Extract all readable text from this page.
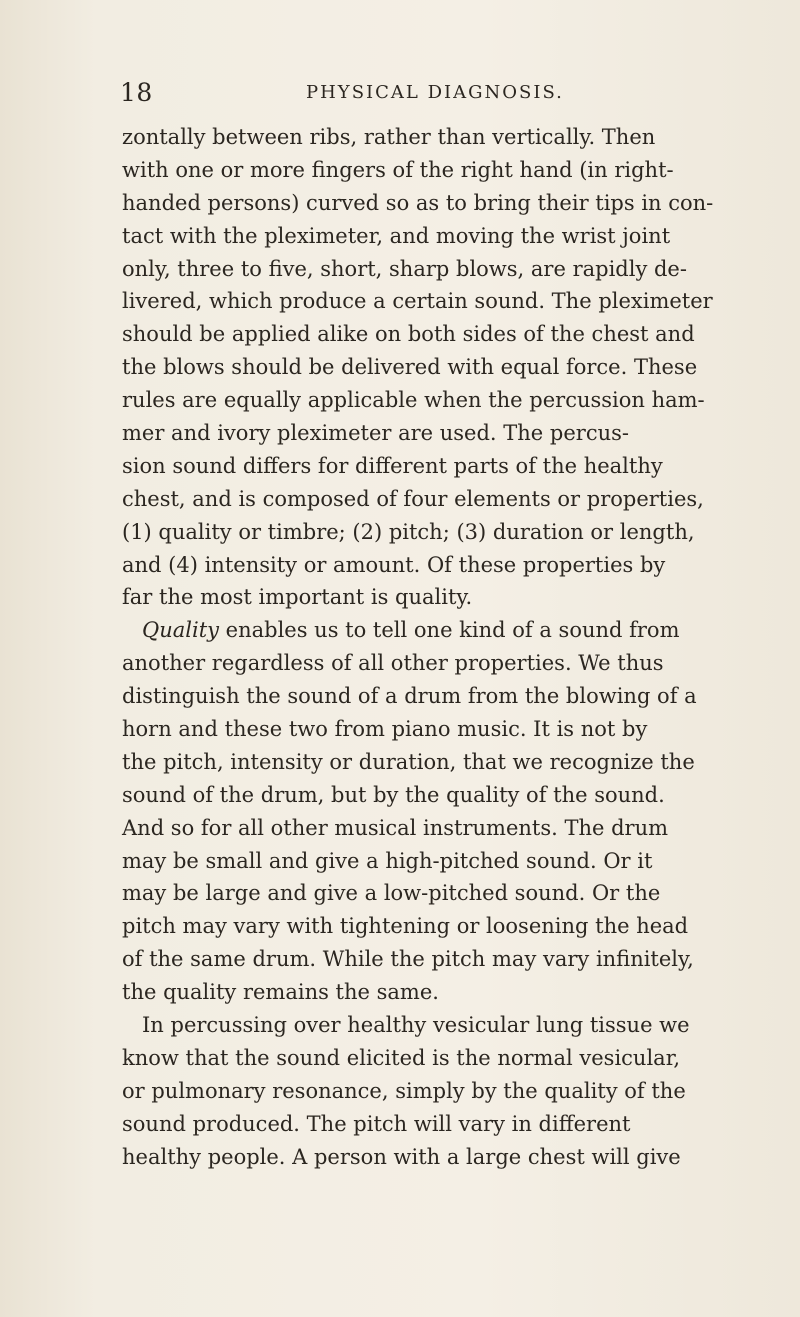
18	PHYSICAL DIAGNOSIS.
zontally between ribs, rather than vertically. Then
with one or more fingers of the right hand (in right-
handed persons) curved so as to bring their tips in con-
tact with the pleximeter, and moving the wrist joint
only, three to five, short, sharp blows, are rapidly de-
livered, which produce a certain sound. The pleximeter
should be applied alike on both sides of the chest and
the blows should be delivered with equal force. These
rules are equally applicable when the percussion ham-
mer and ivory pleximeter are used. The percus-
sion sound differs for different parts of the healthy
chest, and is composed of four elements or properties,
(1) quality or timbre; (2) pitch; (3) duration or length,
and (4) intensity or amount. Of these properties by
far the most important is quality.
Quality enables us to tell one kind of a sound from
another regardless of all other properties. We thus
distinguish the sound of a drum from the blowing of a
horn and these two from piano music. It is not by
the pitch, intensity or duration, that we recognize the
sound of the drum, but by the quality of the sound.
And so for all other musical instruments. The drum
may be small and give a high-pitched sound. Or it
may be large and give a low-pitched sound. Or the
pitch may vary with tightening or loosening the head
of the same drum. While the pitch may vary infinitely,
the quality remains the same.
In percussing over healthy vesicular lung tissue we
know that the sound elicited is the normal vesicular,
or pulmonary resonance, simply by the quality of the
sound produced. The pitch will vary in different
healthy people. A person with a large chest will give
